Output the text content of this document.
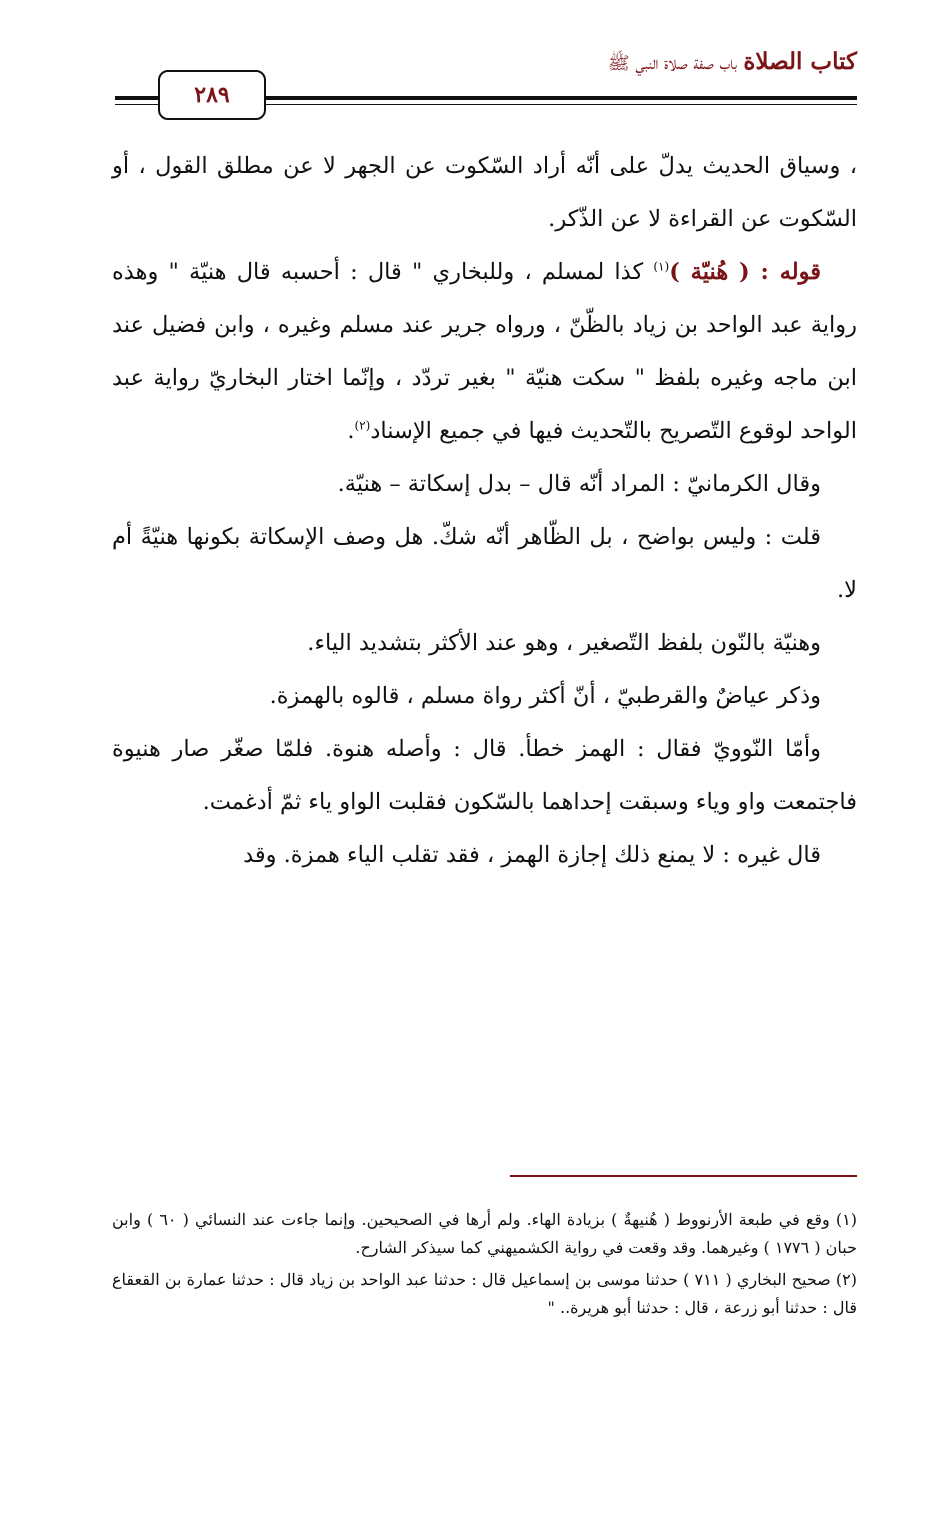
كتاب الصلاة باب صفة صلاة النبي ﷺ
٢٨٩

، وسياق الحديث يدلّ على أنّه أراد السّكوت عن الجهر لا عن مطلق القول ، أو السّكوت عن القراءة لا عن الذّكر.

قوله : ( هُنيّة )$^{(١)}$ كذا لمسلم ، وللبخاري " قال : أحسبه قال هنيّة " وهذه رواية عبد الواحد بن زياد بالظّنّ ، ورواه جرير عند مسلم وغيره ، وابن فضيل عند ابن ماجه وغيره بلفظ " سكت هنيّة " بغير تردّد ، وإنّما اختار البخاريّ رواية عبد الواحد لوقوع التّصريح بالتّحديث فيها في جميع الإسناد$^{(٢)}$.

وقال الكرمانيّ : المراد أنّه قال – بدل إسكاتة – هنيّة.

قلت : وليس بواضح ، بل الظّاهر أنّه شكّ. هل وصف الإسكاتة بكونها هنيّةً أم لا.

وهنيّة بالنّون بلفظ التّصغير ، وهو عند الأكثر بتشديد الياء.

وذكر عياضٌ والقرطبيّ ، أنّ أكثر رواة مسلم ، قالوه بالهمزة.

وأمّا النّوويّ فقال : الهمز خطأ. قال : وأصله هنوة. فلمّا صغّر صار هنيوة فاجتمعت واو وياء وسبقت إحداهما بالسّكون فقلبت الواو ياء ثمّ أدغمت.

قال غيره : لا يمنع ذلك إجازة الهمز ، فقد تقلب الياء همزة. وقد

(١) وقع في طبعة الأرنووط ( هُنيهةٌ ) بزيادة الهاء. ولم أرها في الصحيحين. وإنما جاءت عند النسائي ( ٦٠ ) وابن حبان ( ١٧٧٦ ) وغيرهما. وقد وقعت في رواية الكشميهني كما سيذكر الشارح.

(٢) صحيح البخاري ( ٧١١ ) حدثنا موسى بن إسماعيل قال : حدثنا عبد الواحد بن زياد قال : حدثنا عمارة بن القعقاع قال : حدثنا أبو زرعة ، قال : حدثنا أبو هريرة.. "
